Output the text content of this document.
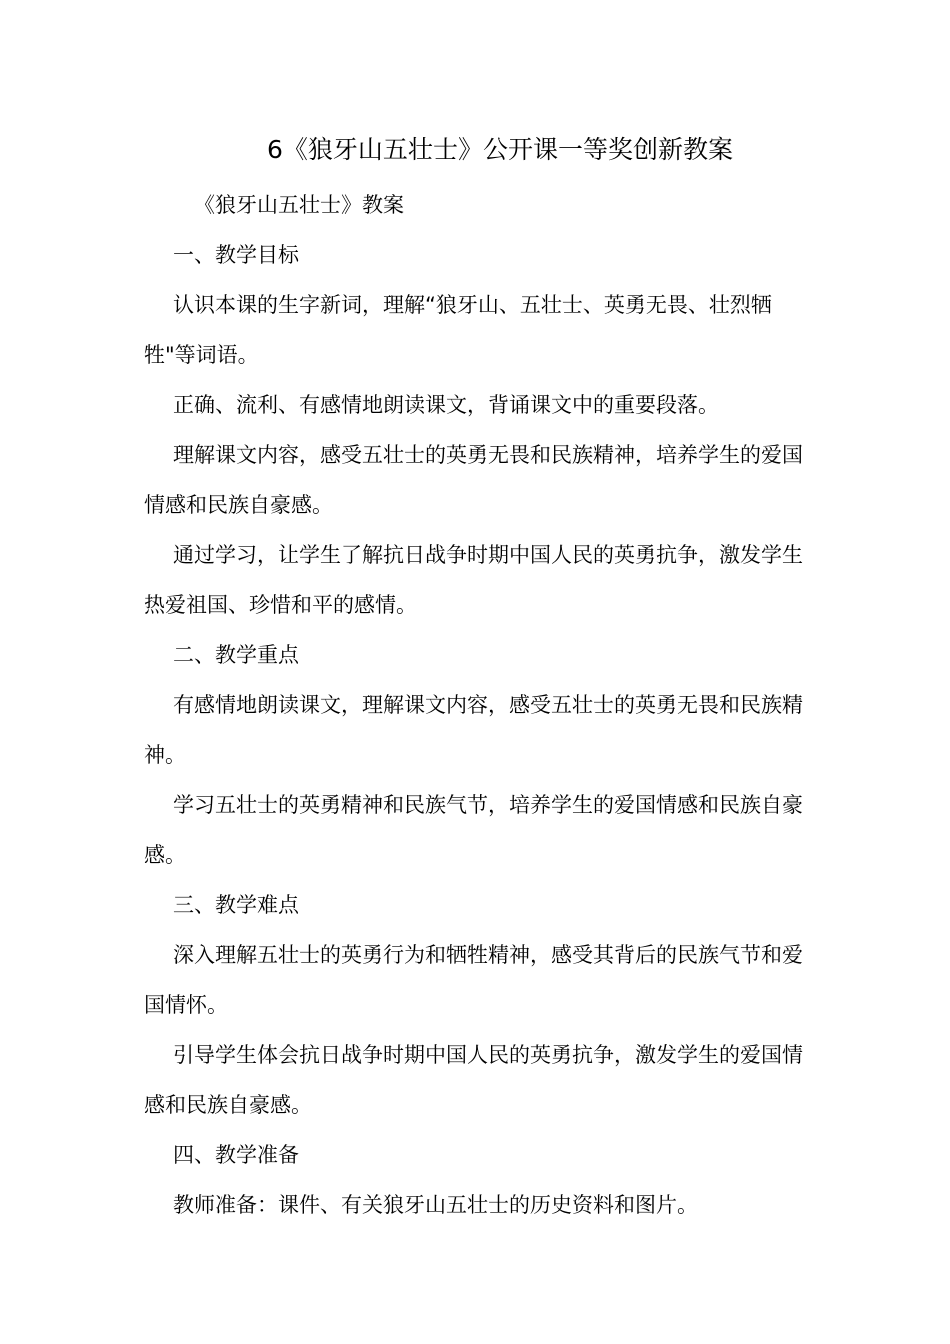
6《狼牙山五壮士》公开课一等奖创新教案

《狼牙山五壮士》教案

一、教学目标

认识本课的生字新词，理解“狼牙山、五壮士、英勇无畏、壮烈牺牲"等词语。

正确、流利、有感情地朗读课文，背诵课文中的重要段落。

理解课文内容，感受五壮士的英勇无畏和民族精神，培养学生的爱国情感和民族自豪感。

通过学习，让学生了解抗日战争时期中国人民的英勇抗争，激发学生热爱祖国、珍惜和平的感情。

二、教学重点

有感情地朗读课文，理解课文内容，感受五壮士的英勇无畏和民族精神。

学习五壮士的英勇精神和民族气节，培养学生的爱国情感和民族自豪感。

三、教学难点

深入理解五壮士的英勇行为和牺牲精神，感受其背后的民族气节和爱国情怀。

引导学生体会抗日战争时期中国人民的英勇抗争，激发学生的爱国情感和民族自豪感。

四、教学准备

教师准备：课件、有关狼牙山五壮士的历史资料和图片。
